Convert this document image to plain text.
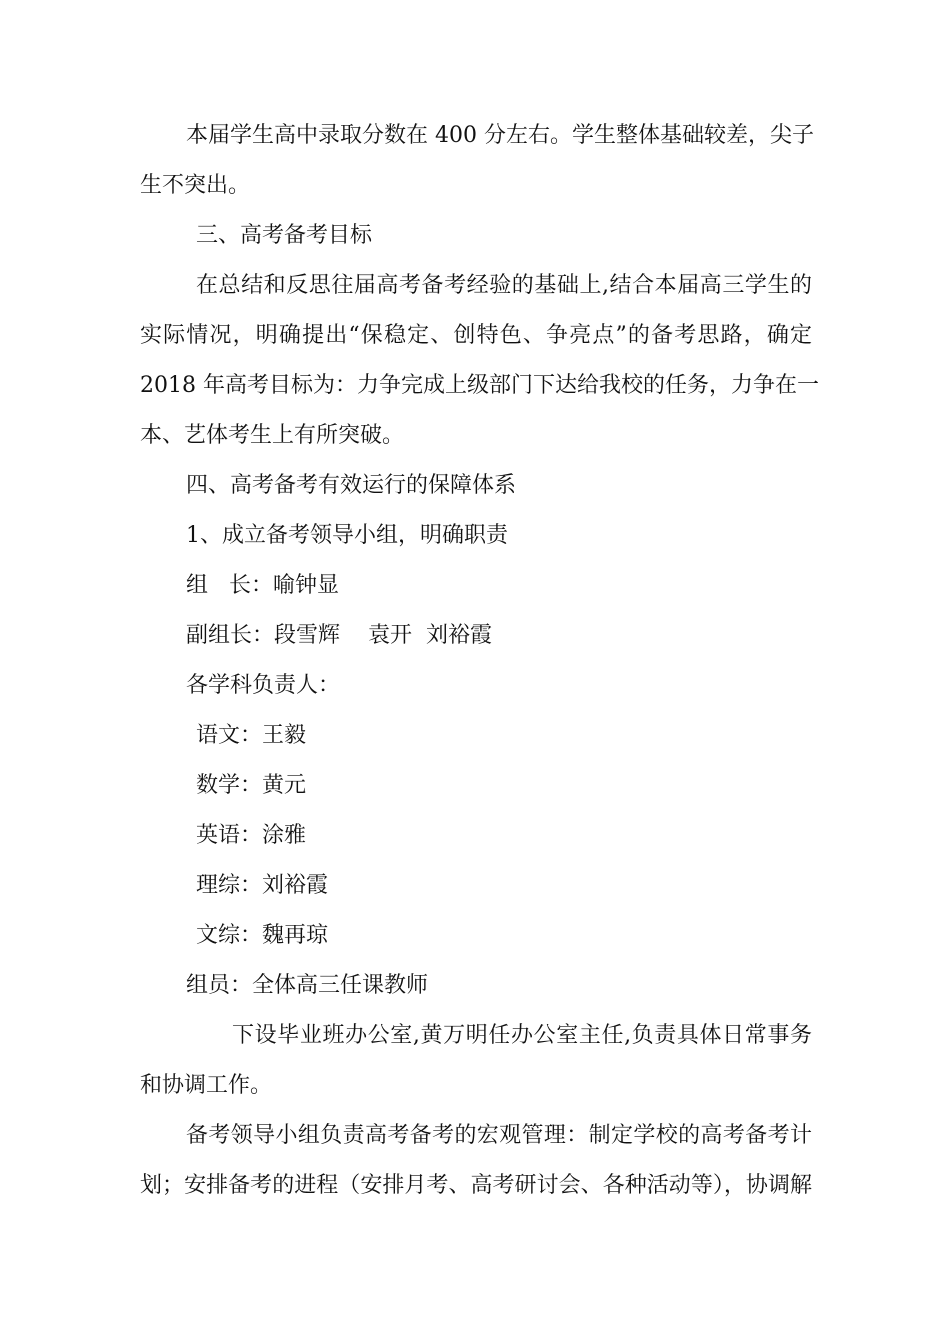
本届学生高中录取分数在 400 分左右。学生整体基础较差，尖子
生不突出。
三、高考备考目标
在总结和反思往届高考备考经验的基础上,结合本届高三学生的
实际情况，明确提出“保稳定、创特色、争亮点”的备考思路，确定
2018 年高考目标为：力争完成上级部门下达给我校的任务，力争在一
本、艺体考生上有所突破。
四、高考备考有效运行的保障体系
1、成立备考领导小组，明确职责
组   长：喻钟显
副组长：段雪辉    袁开  刘裕霞
各学科负责人：
语文：王毅
数学：黄元
英语：涂雅
理综：刘裕霞
文综：魏再琼
组员：全体高三任课教师
下设毕业班办公室,黄万明任办公室主任,负责具体日常事务
和协调工作。
备考领导小组负责高考备考的宏观管理：制定学校的高考备考计
划；安排备考的进程（安排月考、高考研讨会、各种活动等），协调解
